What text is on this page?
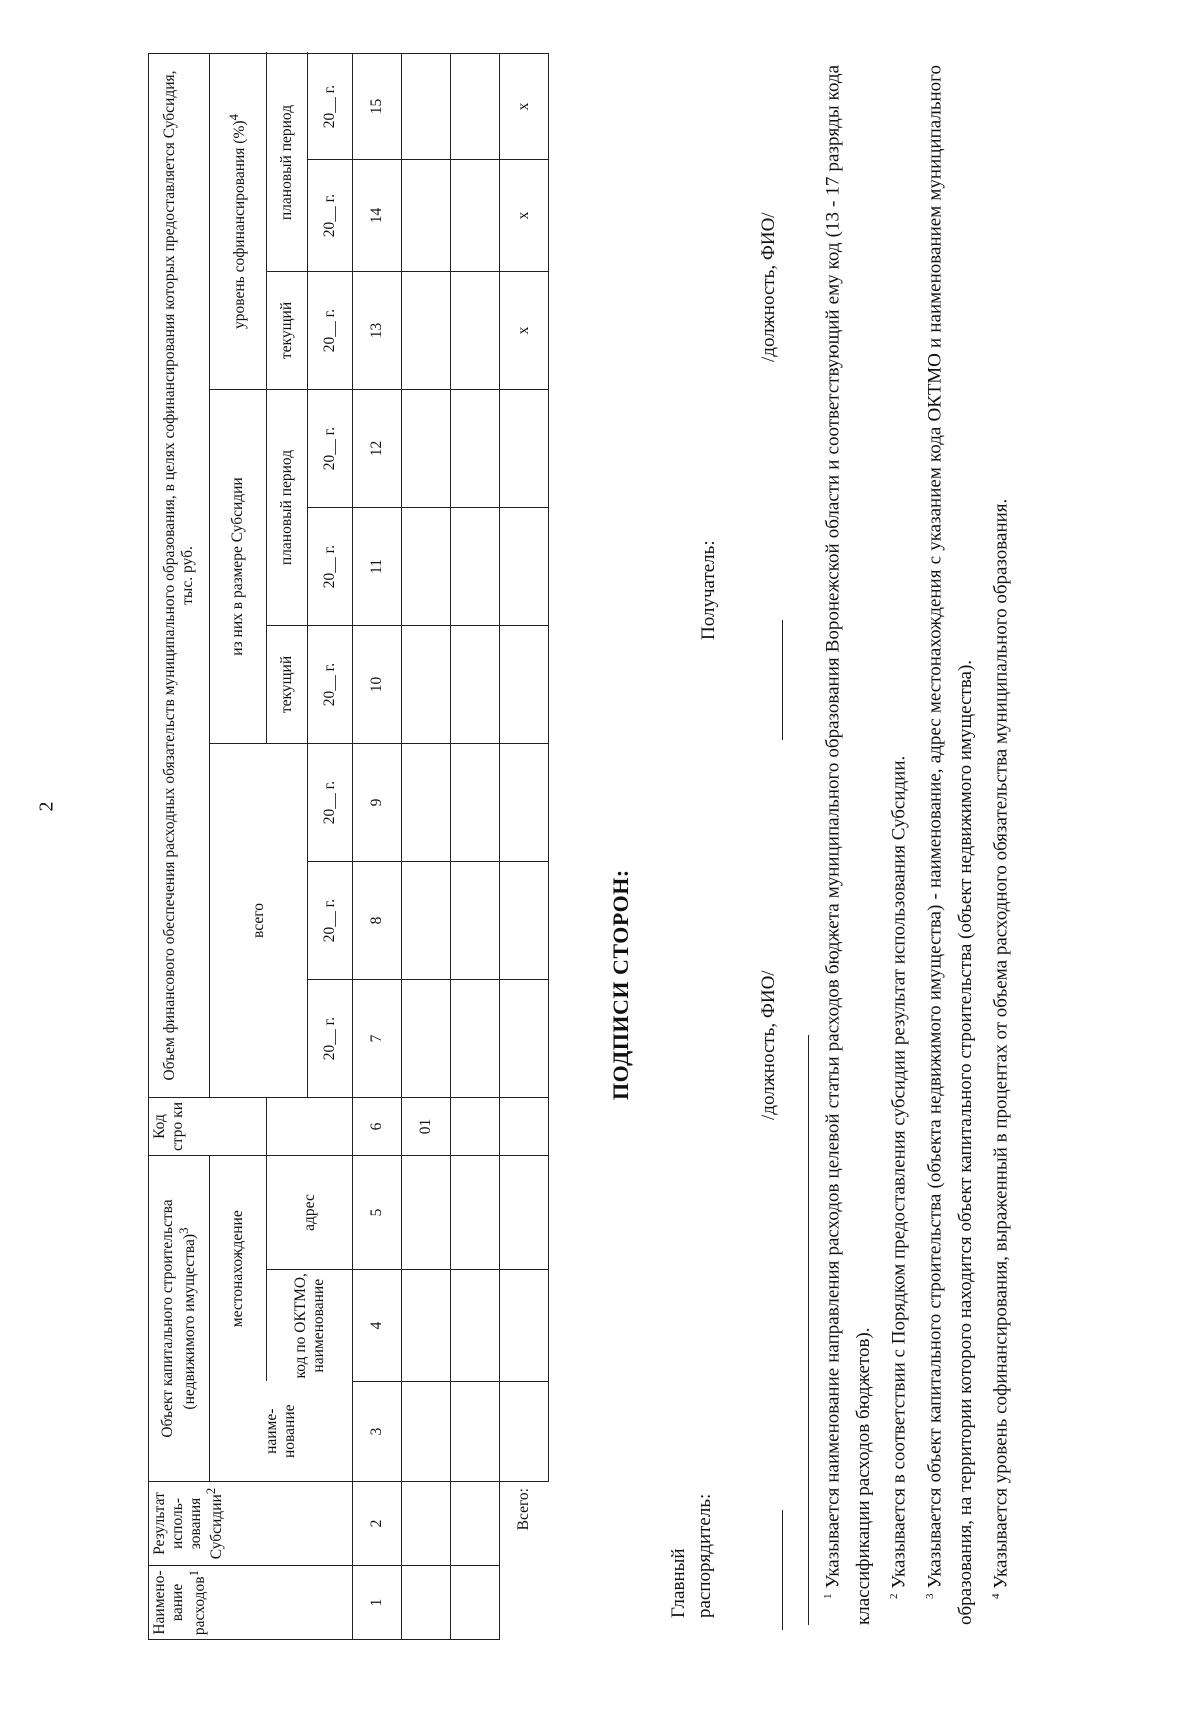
2
Наимено-вание расходов$^1$	Результат исполь-зования Субсидии$^2$	Объект капитального строительства (недвижимого имущества)$^3$			Код стро ки	Объем финансового обеспечения расходных обязательств муниципального образования, в целях софинансирования которых предоставляется Субсидия, тыс. руб.									
		наиме-нование	местонахождение			всего			из них в размере Субсидии			уровень софинансирования (%)$^4$
			код по ОКТМО, наименование	адрес					текущий	плановый период		текущий	плановый период		
						20__ г.	20__ г.	20__ г.	20__ г.	20__ г.	20__ г.	20__ г.	20__ г.	20__ г.	
1	2	3	4	5	6	7	8	9	10	11	12	13	14	15	
					01										

	Всего:											x	x	x	
ПОДПИСИ СТОРОН:
Главный распорядитель:
Получатель:
/должность, ФИО/
/должность, ФИО/

$^1$ Указывается наименование направления расходов целевой статьи расходов бюджета муниципального образования Воронежской области и соответствующий ему код (13 - 17 разряды кода классификации расходов бюджетов).	$^2$ Указывается в соответствии с Порядком предоставления субсидии результат использования Субсидии.

$^3$ Указывается объект капитального строительства (объекта недвижимого имущества) - наименование, адрес местонахождения с указанием кода ОКТМО и наименованием муниципального образования, на территории которого находится объект капитального строительства (объект недвижимого имущества).	$^4$ Указывается уровень софинансирования, выраженный в процентах от объема расходного обязательства муниципального образования.
